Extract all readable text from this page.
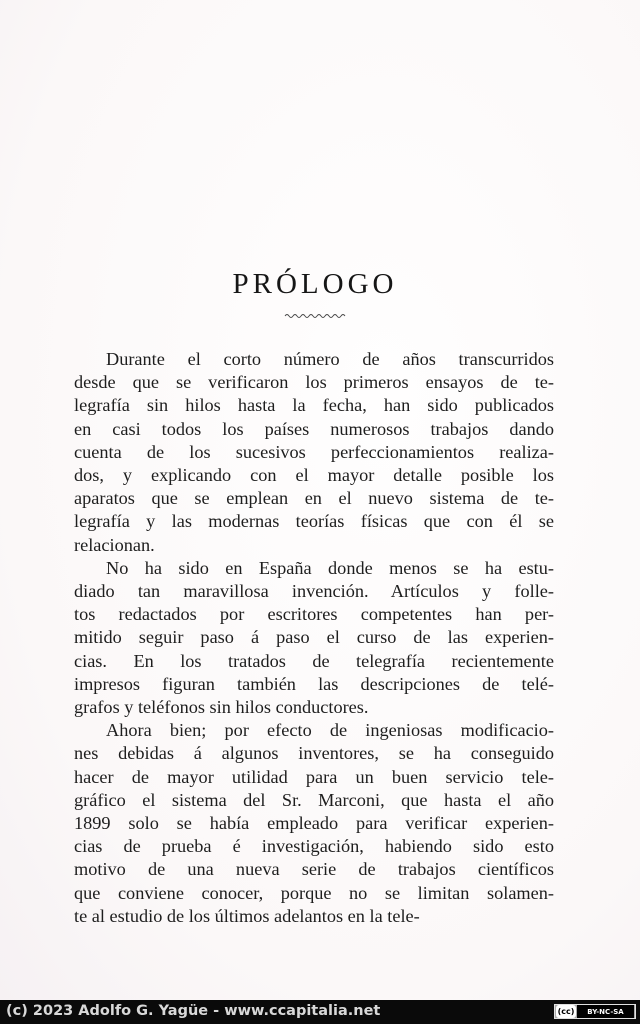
PRÓLOGO
Durante el corto número de años transcurridos
desde que se verificaron los primeros ensayos de te-
legrafía sin hilos hasta la fecha, han sido publicados
en casi todos los países numerosos trabajos dando
cuenta de los sucesivos perfeccionamientos realiza-
dos, y explicando con el mayor detalle posible los
aparatos que se emplean en el nuevo sistema de te-
legrafía y las modernas teorías físicas que con él se
relacionan.
No ha sido en España donde menos se ha estu-
diado tan maravillosa invención. Artículos y folle-
tos redactados por escritores competentes han per-
mitido seguir paso á paso el curso de las experien-
cias. En los tratados de telegrafía recientemente
impresos figuran también las descripciones de telé-
grafos y teléfonos sin hilos conductores.
Ahora bien; por efecto de ingeniosas modificacio-
nes debidas á algunos inventores, se ha conseguido
hacer de mayor utilidad para un buen servicio tele-
gráfico el sistema del Sr. Marconi, que hasta el año
1899 solo se había empleado para verificar experien-
cias de prueba é investigación, habiendo sido esto
motivo de una nueva serie de trabajos científicos
que conviene conocer, porque no se limitan solamen-
te al estudio de los últimos adelantos en la tele-
(c) 2023 Adolfo G. Yagüe - www.ccapitalia.net	(cc)	BY-NC-SA
